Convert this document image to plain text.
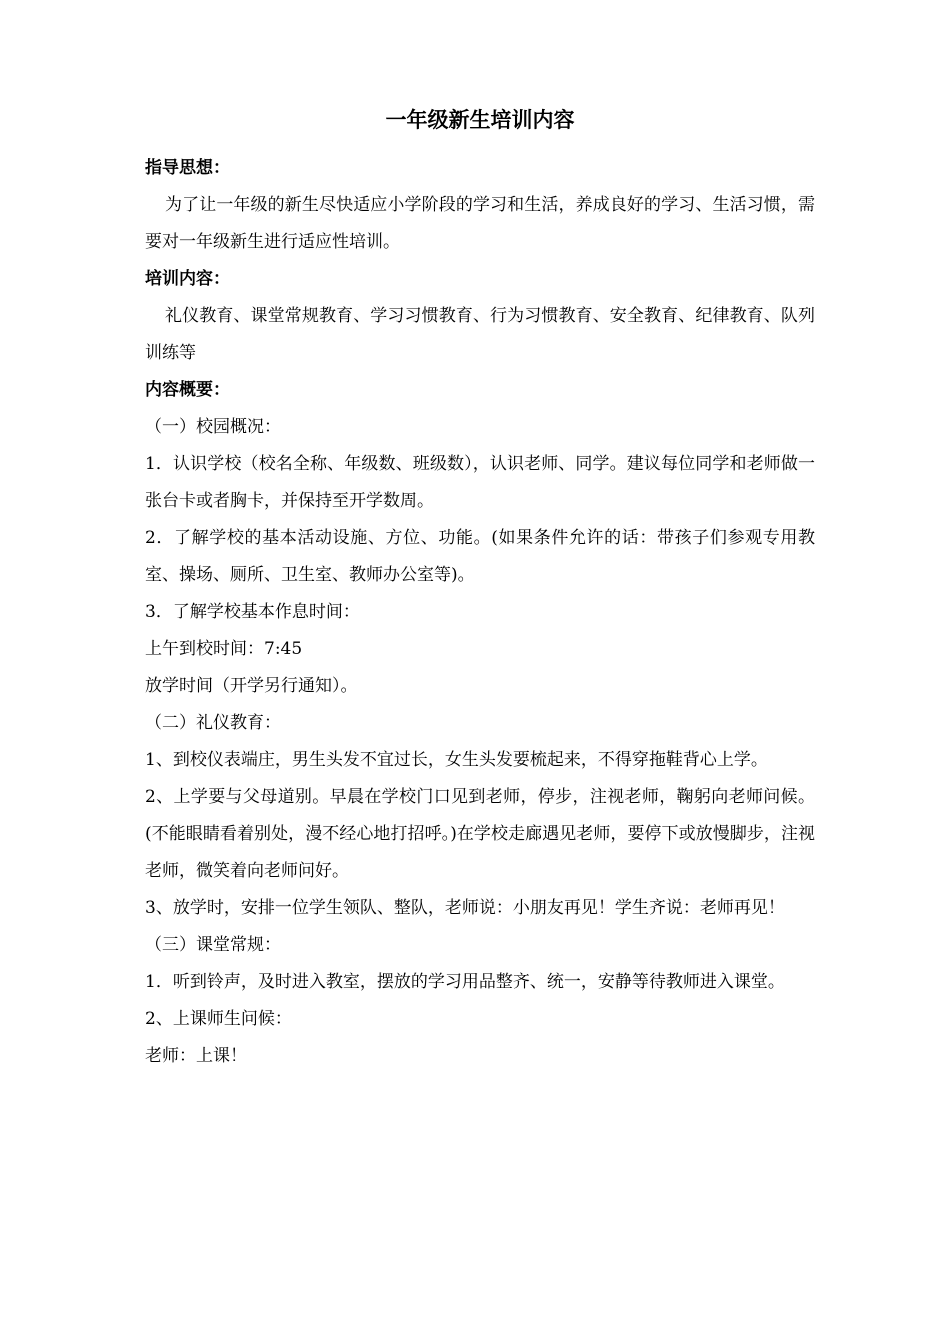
一年级新生培训内容
指导思想：
为了让一年级的新生尽快适应小学阶段的学习和生活，养成良好的学习、生活习惯，需要对一年级新生进行适应性培训。
培训内容：
礼仪教育、课堂常规教育、学习习惯教育、行为习惯教育、安全教育、纪律教育、队列训练等
内容概要：
（一）校园概况：
1．认识学校（校名全称、年级数、班级数），认识老师、同学。建议每位同学和老师做一张台卡或者胸卡，并保持至开学数周。
2．了解学校的基本活动设施、方位、功能。(如果条件允许的话：带孩子们参观专用教室、操场、厕所、卫生室、教师办公室等)。
3．了解学校基本作息时间：
上午到校时间：7:45
放学时间（开学另行通知）。
（二）礼仪教育：
1、到校仪表端庄，男生头发不宜过长，女生头发要梳起来，不得穿拖鞋背心上学。
2、上学要与父母道别。早晨在学校门口见到老师，停步，注视老师，鞠躬向老师问候。(不能眼睛看着别处，漫不经心地打招呼。)在学校走廊遇见老师，要停下或放慢脚步，注视老师，微笑着向老师问好。
3、放学时，安排一位学生领队、整队，老师说：小朋友再见！学生齐说：老师再见！
（三）课堂常规：
1．听到铃声，及时进入教室，摆放的学习用品整齐、统一，安静等待教师进入课堂。
2、上课师生问候：
老师：上课！
